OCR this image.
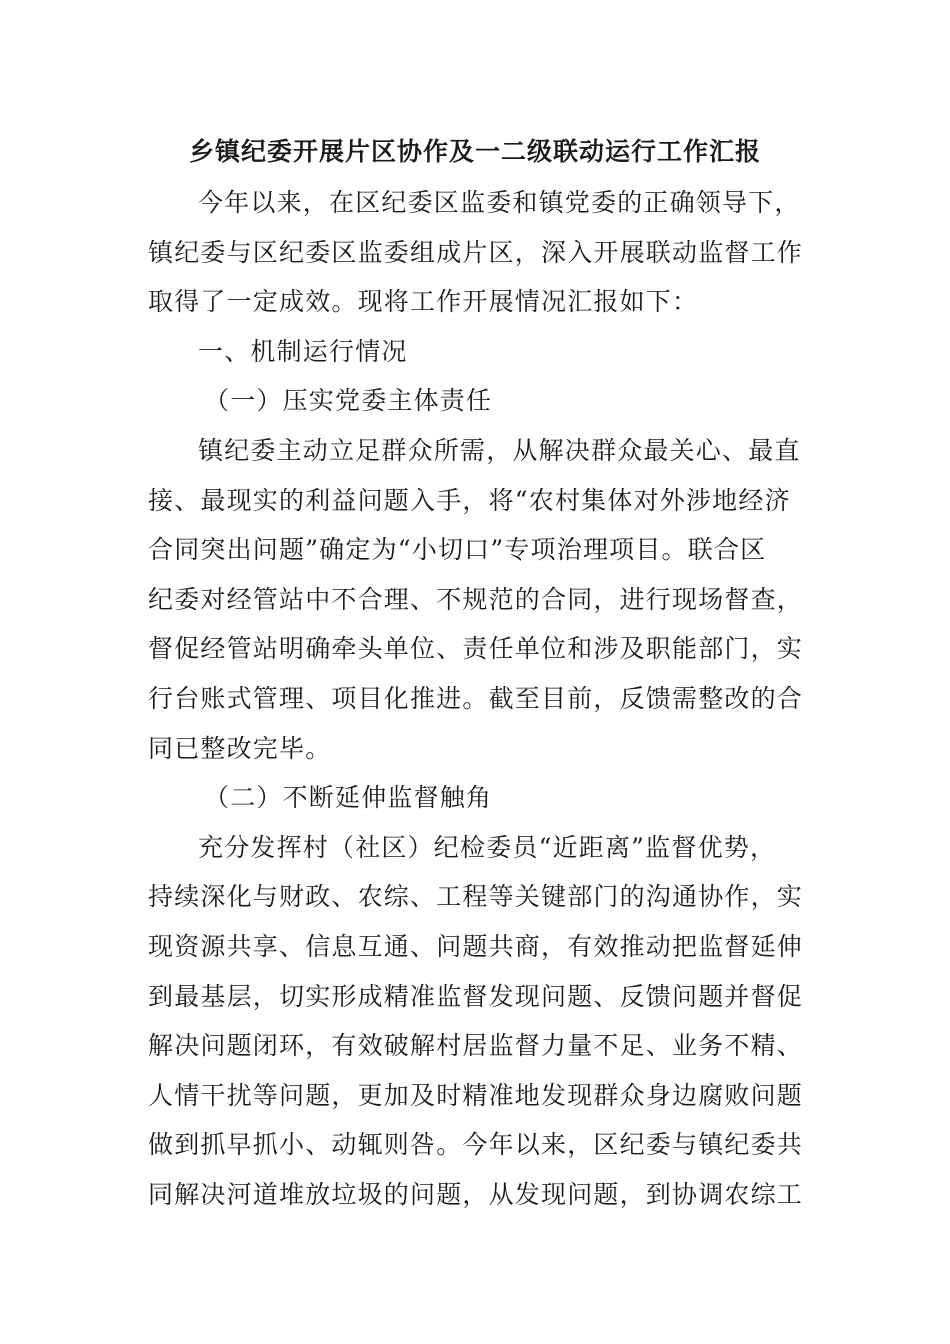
乡镇纪委开展片区协作及一二级联动运行工作汇报
今年以来，在区纪委区监委和镇党委的正确领导下，
镇纪委与区纪委区监委组成片区，深入开展联动监督工作
取得了一定成效。现将工作开展情况汇报如下：
一、机制运行情况
（一）压实党委主体责任
镇纪委主动立足群众所需，从解决群众最关心、最直
接、最现实的利益问题入手，将“农村集体对外涉地经济
合同突出问题”确定为“小切口”专项治理项目。联合区
纪委对经管站中不合理、不规范的合同，进行现场督查，
督促经管站明确牵头单位、责任单位和涉及职能部门，实
行台账式管理、项目化推进。截至目前，反馈需整改的合
同已整改完毕。
（二）不断延伸监督触角
充分发挥村（社区）纪检委员“近距离”监督优势，
持续深化与财政、农综、工程等关键部门的沟通协作，实
现资源共享、信息互通、问题共商，有效推动把监督延伸
到最基层，切实形成精准监督发现问题、反馈问题并督促
解决问题闭环，有效破解村居监督力量不足、业务不精、
人情干扰等问题，更加及时精准地发现群众身边腐败问题
做到抓早抓小、动辄则咎。今年以来，区纪委与镇纪委共
同解决河道堆放垃圾的问题，从发现问题，到协调农综工
